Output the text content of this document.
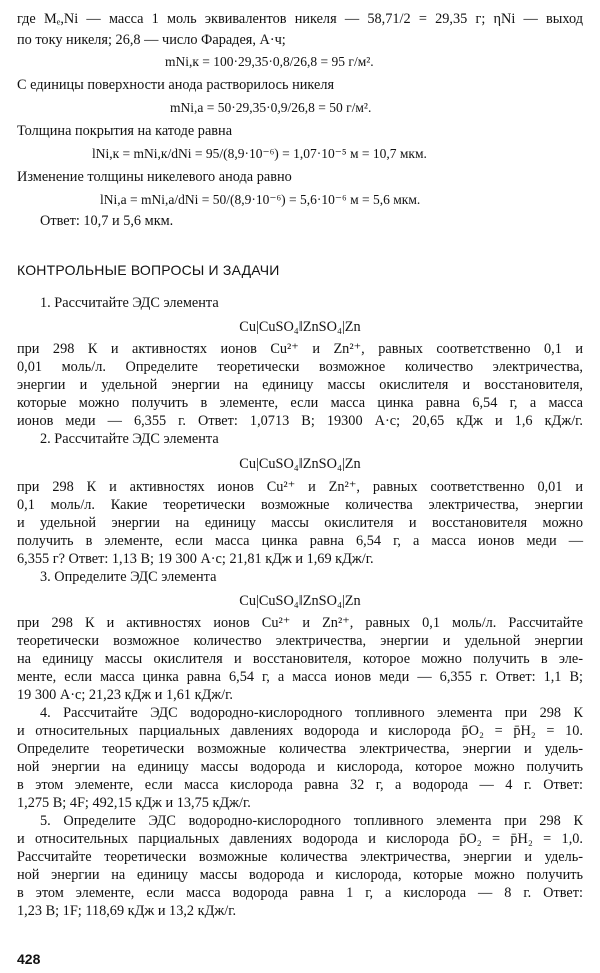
где Mₑ,Ni — масса 1 моль эквивалентов никеля — 58,71/2 = 29,35 г; ηNi — выход
по току никеля; 26,8 — число Фарадея, А·ч;
mNi,к = 100·29,35·0,8/26,8 = 95 г/м².
С единицы поверхности анода растворилось никеля
mNi,a = 50·29,35·0,9/26,8 = 50 г/м².
Толщина покрытия на катоде равна
lNi,к = mNi,к/dNi = 95/(8,9·10⁻⁶) = 1,07·10⁻⁵ м = 10,7 мкм.
Изменение толщины никелевого анода равно
lNi,a = mNi,a/dNi = 50/(8,9·10⁻⁶) = 5,6·10⁻⁶ м = 5,6 мкм.
Ответ: 10,7 и 5,6 мкм.
КОНТРОЛЬНЫЕ ВОПРОСЫ И ЗАДАЧИ
1. Рассчитайте ЭДС элемента
Cu|CuSO₄‖ZnSO₄|Zn
при 298 К и активностях ионов Cu²⁺ и Zn²⁺, равных соответственно 0,1 и
0,01 моль/л. Определите теоретически возможное количество электричества,
энергии и удельной энергии на единицу массы окислителя и восстановителя,
которые можно получить в элементе, если масса цинка равна 6,54 г, а масса
ионов меди — 6,355 г. Ответ: 1,0713 В; 19300 А·с; 20,65 кДж и 1,6 кДж/г.
2. Рассчитайте ЭДС элемента
Cu|CuSO₄‖ZnSO₄|Zn
при 298 К и активностях ионов Cu²⁺ и Zn²⁺, равных соответственно 0,01 и
0,1 моль/л. Какие теоретически возможные количества электричества, энергии
и удельной энергии на единицу массы окислителя и восстановителя можно
получить в элементе, если масса цинка равна 6,54 г, а масса ионов меди —
6,355 г? Ответ: 1,13 В; 19 300 А·с; 21,81 кДж и 1,69 кДж/г.
3. Определите ЭДС элемента
Cu|CuSO₄‖ZnSO₄|Zn
при 298 К и активностях ионов Cu²⁺ и Zn²⁺, равных 0,1 моль/л. Рассчитайте
теоретически возможное количество электричества, энергии и удельной энергии
на единицу массы окислителя и восстановителя, которое можно получить в эле-
менте, если масса цинка равна 6,54 г, а масса ионов меди — 6,355 г. Ответ: 1,1 В;
19 300 А·с; 21,23 кДж и 1,61 кДж/г.
4. Рассчитайте ЭДС водородно-кислородного топливного элемента при 298 К
и относительных парциальных давлениях водорода и кислорода p̄O₂ = p̄H₂ = 10.
Определите теоретически возможные количества электричества, энергии и удель-
ной энергии на единицу массы водорода и кислорода, которое можно получить
в этом элементе, если масса кислорода равна 32 г, а водорода — 4 г. Ответ:
1,275 В; 4F; 492,15 кДж и 13,75 кДж/г.
5. Определите ЭДС водородно-кислородного топливного элемента при 298 К
и относительных парциальных давлениях водорода и кислорода p̄O₂ = p̄H₂ = 1,0.
Рассчитайте теоретически возможные количества электричества, энергии и удель-
ной энергии на единицу массы водорода и кислорода, которые можно получить
в этом элементе, если масса водорода равна 1 г, а кислорода — 8 г. Ответ:
1,23 В; 1F; 118,69 кДж и 13,2 кДж/г.
428
